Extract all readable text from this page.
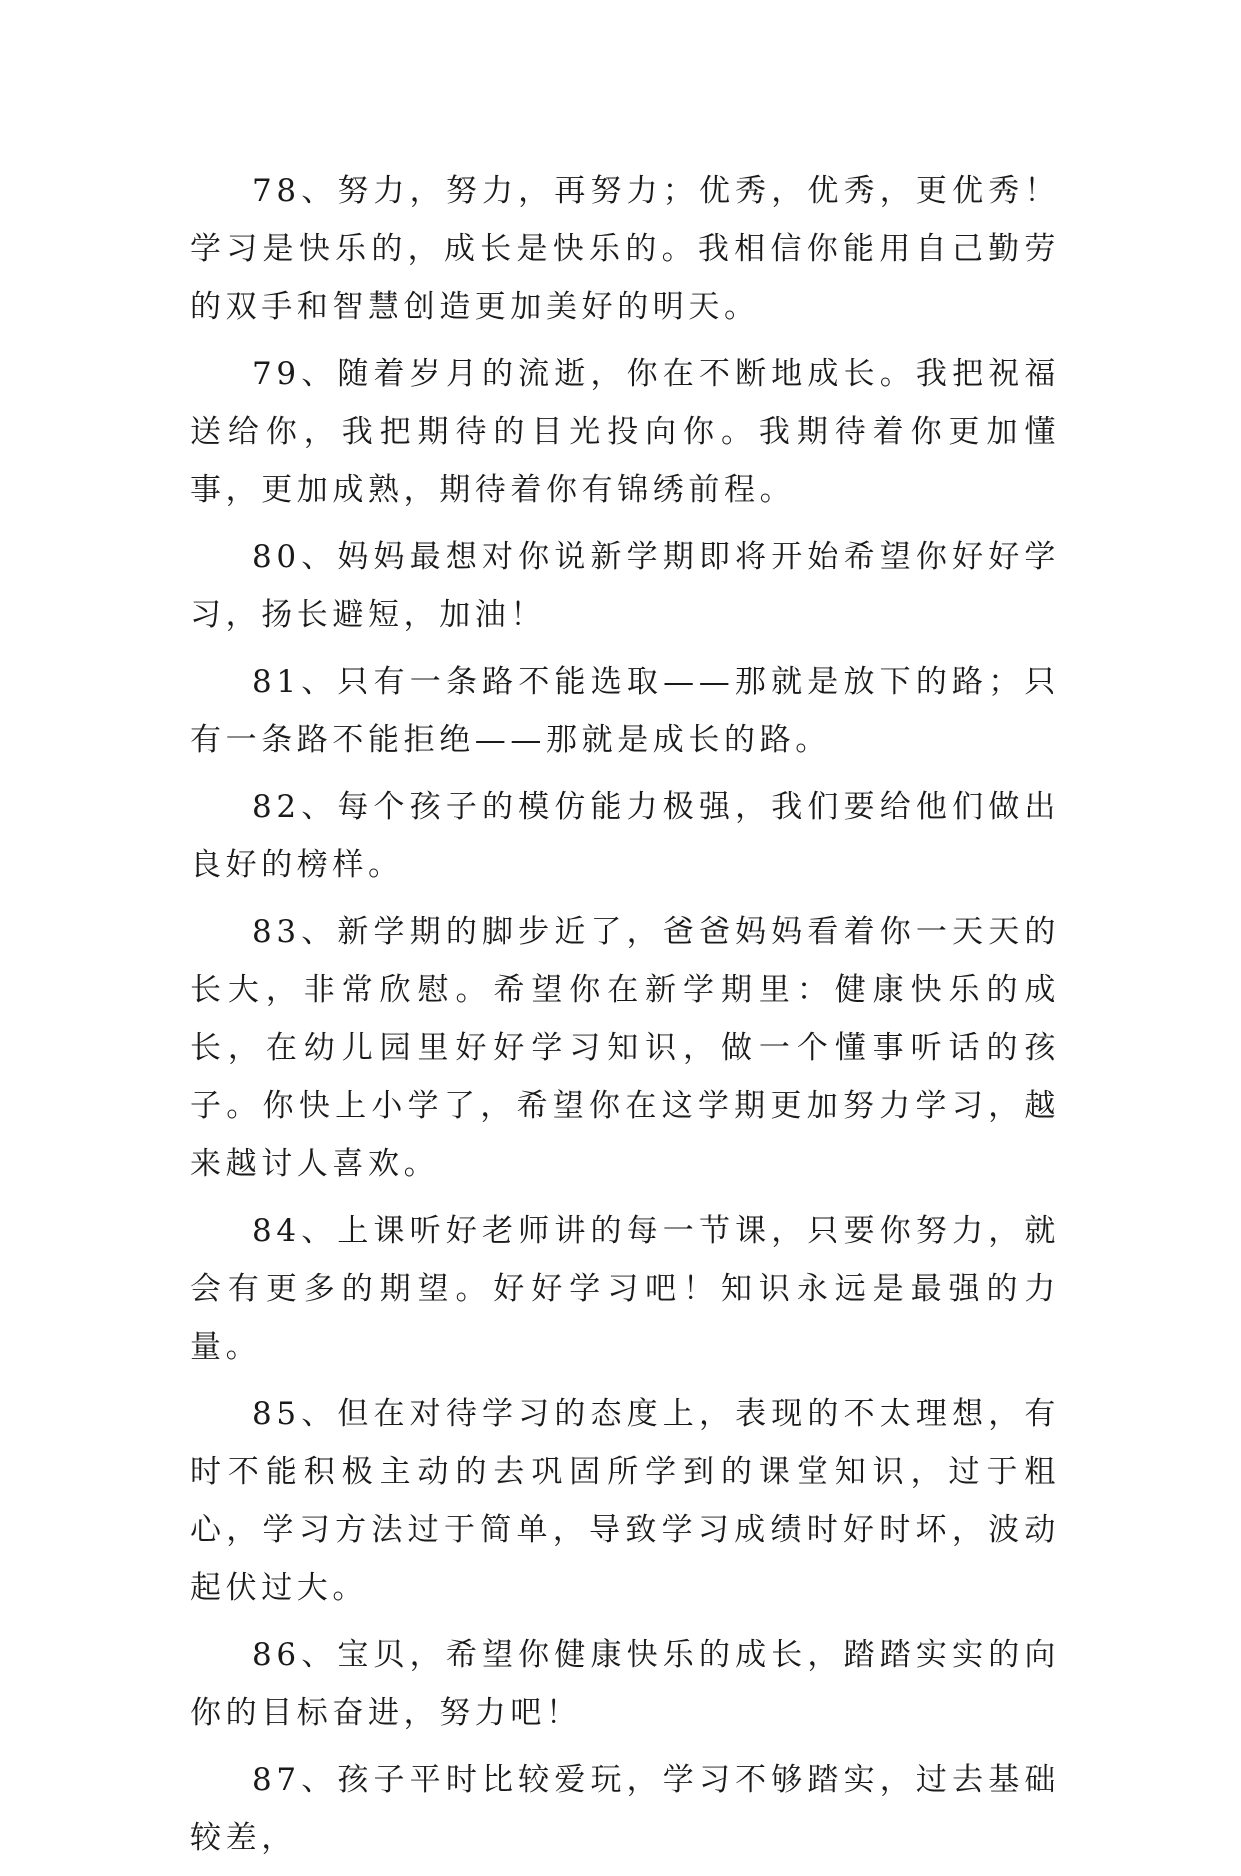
78、努力，努力，再努力；优秀，优秀，更优秀！学习是快乐的，成长是快乐的。我相信你能用自己勤劳的双手和智慧创造更加美好的明天。

79、随着岁月的流逝，你在不断地成长。我把祝福送给你，我把期待的目光投向你。我期待着你更加懂事，更加成熟，期待着你有锦绣前程。

80、妈妈最想对你说新学期即将开始希望你好好学习，扬长避短，加油！

81、只有一条路不能选取——那就是放下的路；只有一条路不能拒绝——那就是成长的路。

82、每个孩子的模仿能力极强，我们要给他们做出良好的榜样。

83、新学期的脚步近了，爸爸妈妈看着你一天天的长大，非常欣慰。希望你在新学期里：健康快乐的成长，在幼儿园里好好学习知识，做一个懂事听话的孩子。你快上小学了，希望你在这学期更加努力学习，越来越讨人喜欢。

84、上课听好老师讲的每一节课，只要你努力，就会有更多的期望。好好学习吧！知识永远是最强的力量。

85、但在对待学习的态度上，表现的不太理想，有时不能积极主动的去巩固所学到的课堂知识，过于粗心，学习方法过于简单，导致学习成绩时好时坏，波动起伏过大。

86、宝贝，希望你健康快乐的成长，踏踏实实的向你的目标奋进，努力吧！

87、孩子平时比较爱玩，学习不够踏实，过去基础较差，
